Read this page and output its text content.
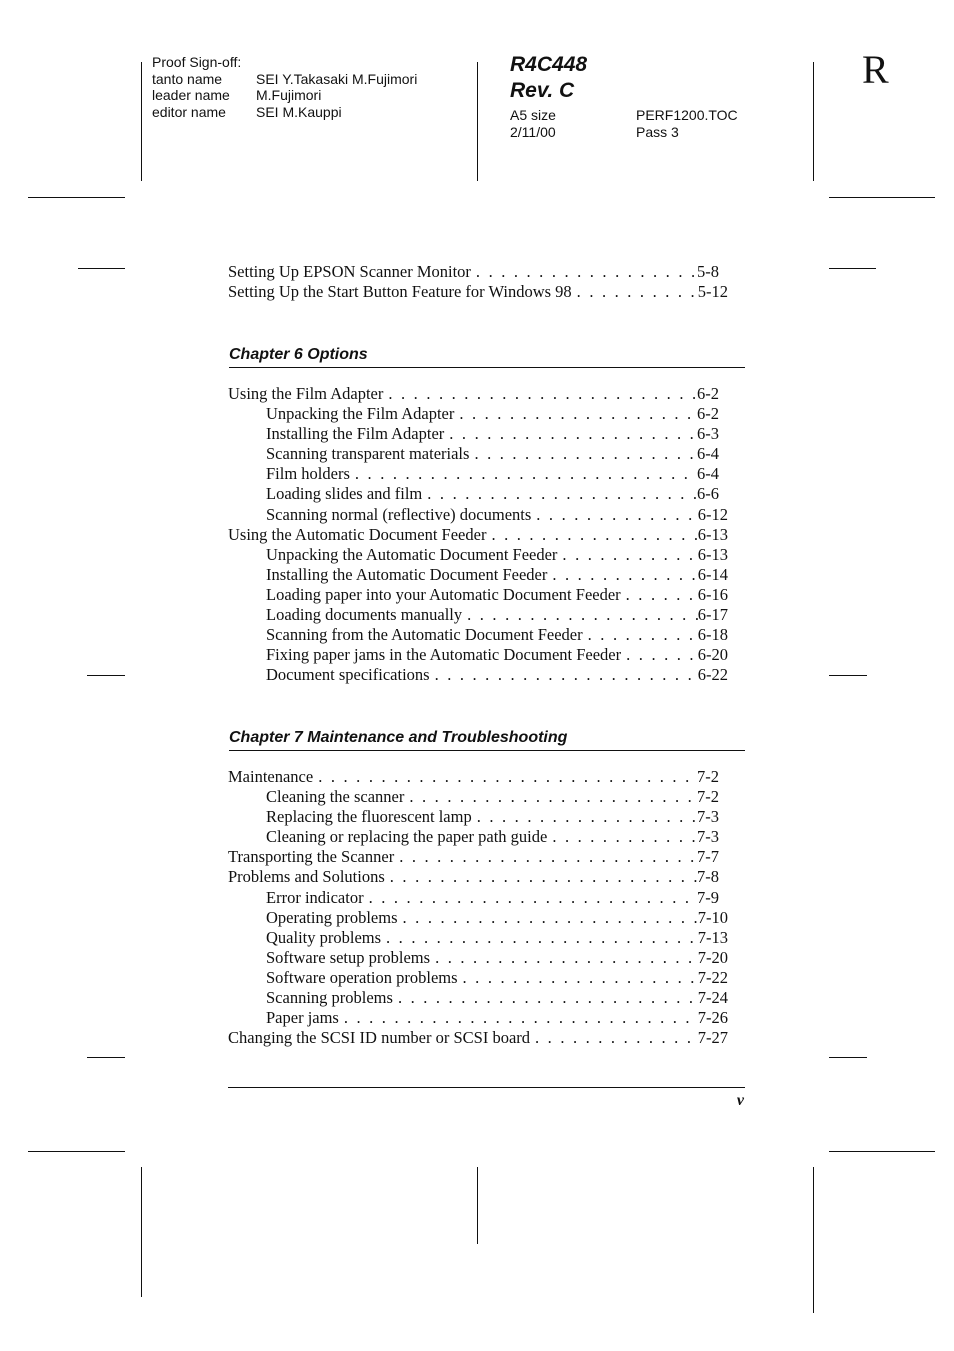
Proof Sign-off:
tanto name	SEI Y.Takasaki M.Fujimori
leader name	M.Fujimori
editor name	SEI M.Kauppi
R4C448
Rev. C
A5 size	PERF1200.TOC
2/11/00	Pass 3
R
Setting Up EPSON Scanner Monitor . . .	5-8
Setting Up the Start Button Feature for Windows 98 . . .	5-12
Chapter 6 Options
Using the Film Adapter . . .	6-2
Unpacking the Film Adapter . . .	6-2
Installing the Film Adapter . . .	6-3
Scanning transparent materials . . .	6-4
Film holders . . .	6-4
Loading slides and film . . .	6-6
Scanning normal (reflective) documents . . .	6-12
Using the Automatic Document Feeder . . .	6-13
Unpacking the Automatic Document Feeder . . .	6-13
Installing the Automatic Document Feeder . . .	6-14
Loading paper into your Automatic Document Feeder . . .	6-16
Loading documents manually . . .	6-17
Scanning from the Automatic Document Feeder . . .	6-18
Fixing paper jams in the Automatic Document Feeder . . .	6-20
Document specifications . . .	6-22
Chapter 7 Maintenance and Troubleshooting
Maintenance . . .	7-2
Cleaning the scanner . . .	7-2
Replacing the fluorescent lamp . . .	7-3
Cleaning or replacing the paper path guide . . .	7-3
Transporting the Scanner . . .	7-7
Problems and Solutions . . .	7-8
Error indicator . . .	7-9
Operating problems . . .	7-10
Quality problems . . .	7-13
Software setup problems . . .	7-20
Software operation problems . . .	7-22
Scanning problems . . .	7-24
Paper jams . . .	7-26
Changing the SCSI ID number or SCSI board . . .	7-27
v
